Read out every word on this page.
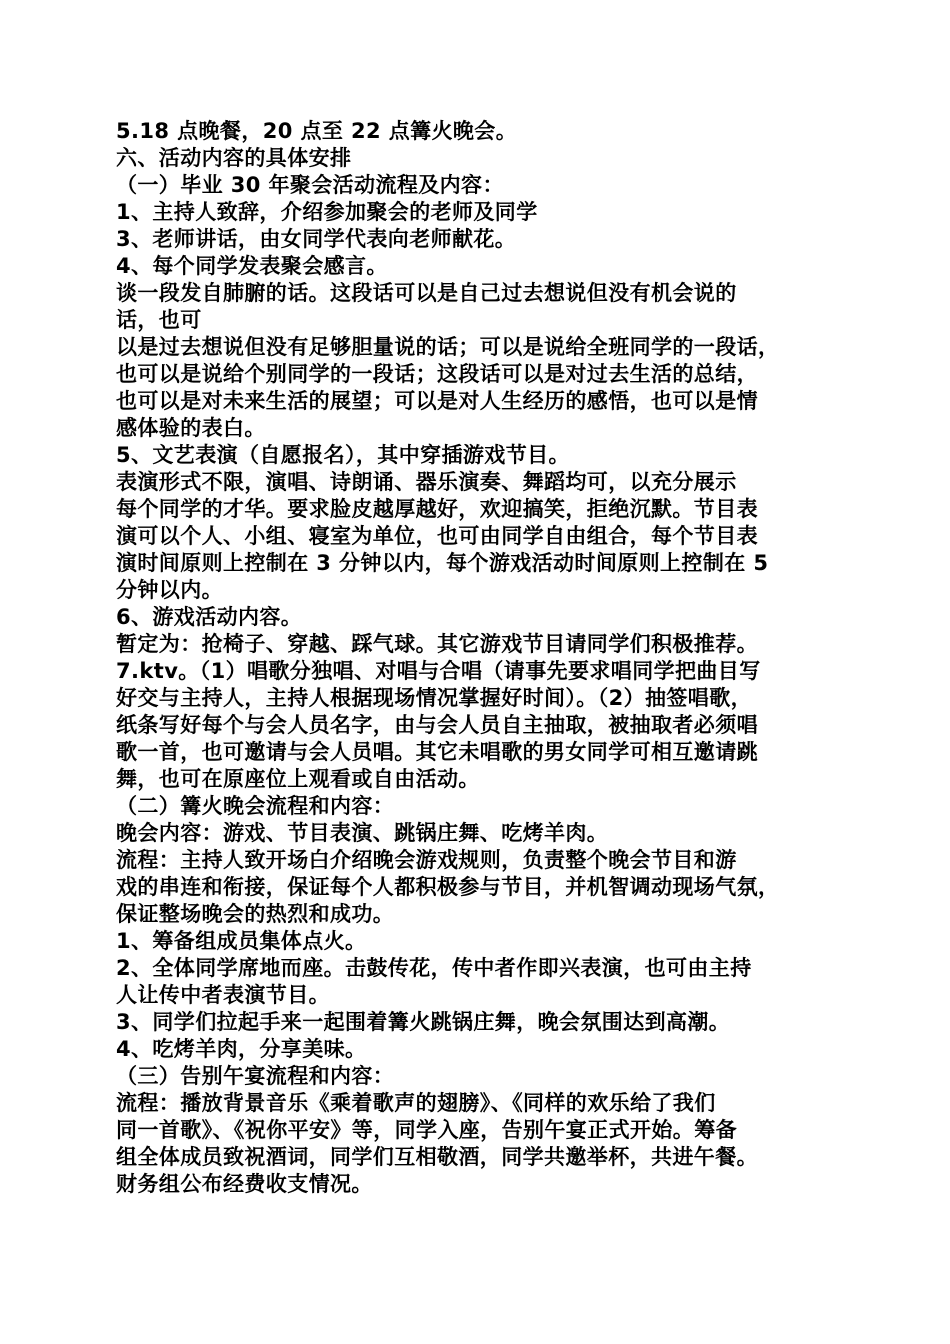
5.18 点晚餐，20 点至 22 点篝火晚会。
六、活动内容的具体安排
（一）毕业 30 年聚会活动流程及内容：
1、主持人致辞，介绍参加聚会的老师及同学
3、老师讲话，由女同学代表向老师献花。
4、每个同学发表聚会感言。
谈一段发自肺腑的话。这段话可以是自己过去想说但没有机会说的
话，也可
以是过去想说但没有足够胆量说的话；可以是说给全班同学的一段话，
也可以是说给个别同学的一段话；这段话可以是对过去生活的总结，
也可以是对未来生活的展望；可以是对人生经历的感悟，也可以是情
感体验的表白。
5、文艺表演（自愿报名），其中穿插游戏节目。
表演形式不限，演唱、诗朗诵、器乐演奏、舞蹈均可，以充分展示
每个同学的才华。要求脸皮越厚越好，欢迎搞笑，拒绝沉默。节目表
演可以个人、小组、寝室为单位，也可由同学自由组合，每个节目表
演时间原则上控制在 3 分钟以内，每个游戏活动时间原则上控制在 5
分钟以内。
6、游戏活动内容。
暂定为：抢椅子、穿越、踩气球。其它游戏节目请同学们积极推荐。
7.ktv。（1）唱歌分独唱、对唱与合唱（请事先要求唱同学把曲目写
好交与主持人，主持人根据现场情况掌握好时间）。（2）抽签唱歌，
纸条写好每个与会人员名字，由与会人员自主抽取，被抽取者必须唱
歌一首，也可邀请与会人员唱。其它未唱歌的男女同学可相互邀请跳
舞，也可在原座位上观看或自由活动。
（二）篝火晚会流程和内容：
晚会内容：游戏、节目表演、跳锅庄舞、吃烤羊肉。
流程：主持人致开场白介绍晚会游戏规则，负责整个晚会节目和游
戏的串连和衔接，保证每个人都积极参与节目，并机智调动现场气氛，
保证整场晚会的热烈和成功。
1、筹备组成员集体点火。
2、全体同学席地而座。击鼓传花，传中者作即兴表演，也可由主持
人让传中者表演节目。
3、同学们拉起手来一起围着篝火跳锅庄舞，晚会氛围达到高潮。
4、吃烤羊肉，分享美味。
（三）告别午宴流程和内容：
流程：播放背景音乐《乘着歌声的翅膀》、《同样的欢乐给了我们
同一首歌》、《祝你平安》等，同学入座，告别午宴正式开始。筹备
组全体成员致祝酒词，同学们互相敬酒，同学共邀举杯，共进午餐。
财务组公布经费收支情况。
